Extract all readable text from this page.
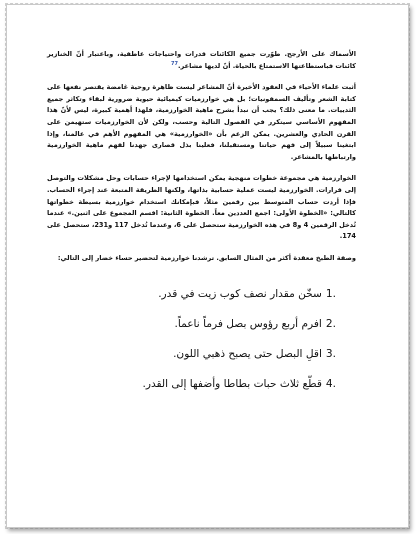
الأسماك على الأرجح. طوّرت جميع الكائنات قدرات واحتياجات عاطفية، وباعتبار أنّ الخنازير كائنات فباستطاعتها الاستمتاع بالحياة. أنّ لديها مشاعر.$^{77}$

أثبت علماء الأحياء في العقود الأخيرة أنّ المشاعر ليست ظاهرة روحية غامضة يقتصر نفعها على كتابة الشعر وتأليف السمفونيات؛ بل هي خوارزميات كيميائية حيوية ضرورية لبقاء وتكاثر جميع الثدييات. ما معنى ذلك؟ يجب أن نبدأ بشرح ماهية الخوارزمية، فلهذا أهمية كبيرة، ليس لأنّ هذا المفهوم الأساسي سيتكرر في الفصول التالية وحسب، ولكن لأن الخوارزميات ستهيمن على القرن الحادي والعشرين. يمكن الزعم بأن «الخوارزمية» هي المفهوم الأهم في عالمنا، وإذا ابتغينا سبيلاً إلى فهم حياتنا ومستقبلنا، فعلينا بذل قصارى جهدنا لفهم ماهية الخوارزمية وارتباطها بالمشاعر.

الخوارزمية هي مجموعة خطوات منهجية يمكن استخدامها لإجراء حسابات وحل مشكلات والتوصل إلى قرارات. الخوارزمية ليست عملية حسابية بذاتها، ولكنها الطريقة المتبعة عند إجراء الحساب. فإذا أردت حساب المتوسط بين رقمين مثلاً، فبإمكانك استخدام خوارزمية بسيطة خطواتها كالتالي: «الخطوة الأولى: اجمع العددين معاً. الخطوة الثانية: اقسم المجموع على اثنين.» عندما تُدخل الرقمين 4 و8 في هذه الخوارزمية ستحصل على 6، وعندما تُدخل 117 و231، ستحصل على 174.

وصفة الطبخ معقدة أكثر من المثال السابق. ترشدنا خوارزمية لتحضير حساء خضار إلى التالي:

1.
سخّن مقدار نصف كوب زيت في قدر.
2.
افرم أربع رؤوس بصل فرماً ناعماً.
3.
اقلِ البصل حتى يصبح ذهبي اللون.
4.
قطّع ثلاث حبات بطاطا وأضفها إلى القدر.
